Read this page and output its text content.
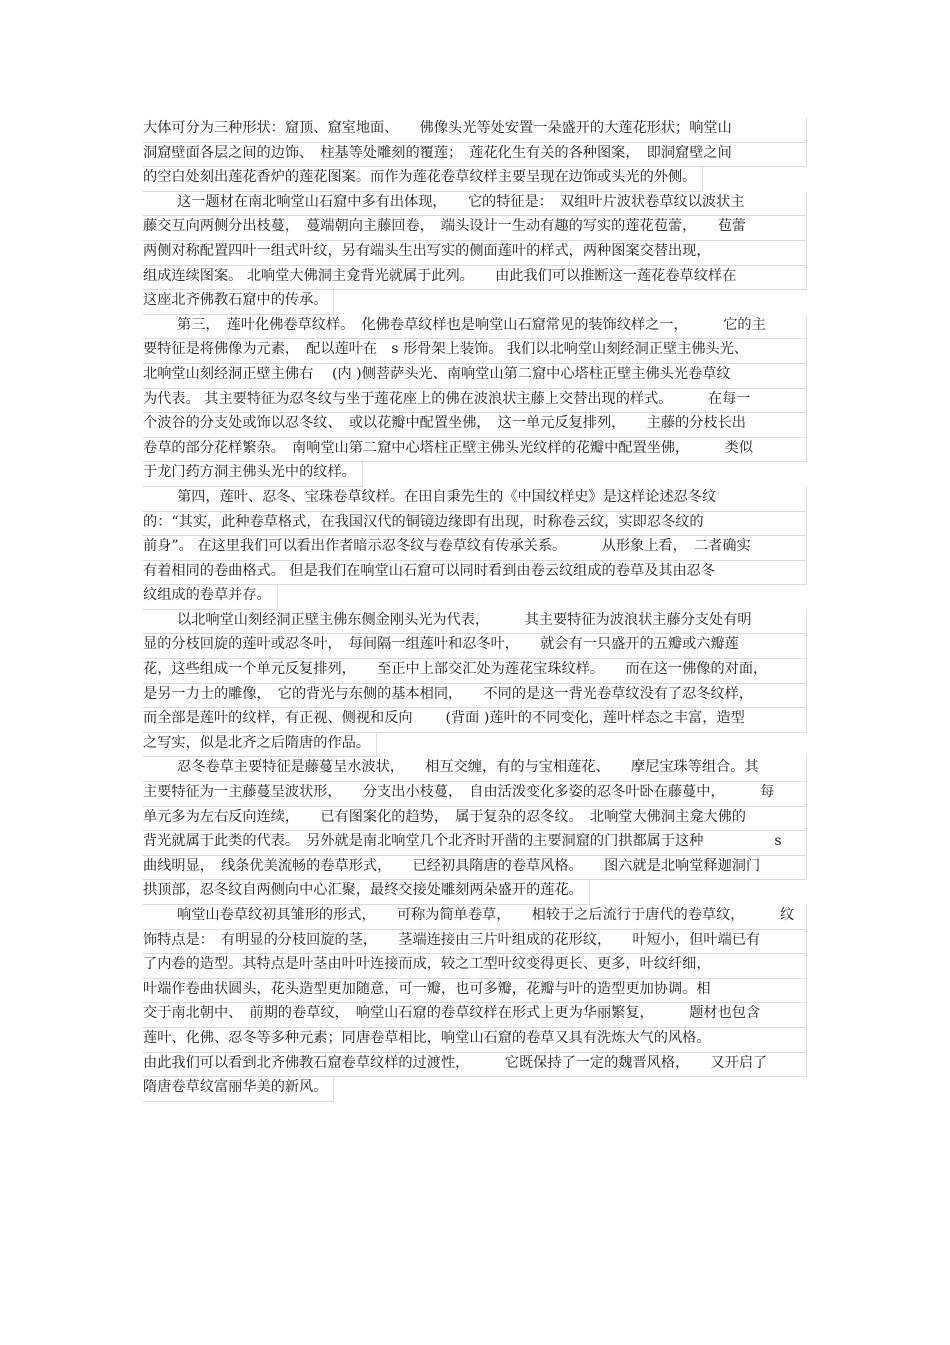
大体可分为三种形状：窟顶、窟室地面、　　佛像头光等处安置一朵盛开的大莲花形状；响堂山
洞窟壁面各层之间的边饰、　柱基等处雕刻的覆莲；　莲花化生有关的各种图案，　即洞窟壁之间
的空白处刻出莲花香炉的莲花图案。而作为莲花卷草纹样主要呈现在边饰或头光的外侧。
这一题材在南北响堂山石窟中多有出体现，　　它的特征是：　双组叶片波状卷草纹以波状主
藤交互向两侧分出枝蔓，　蔓端朝向主藤回卷，　端头设计一生动有趣的写实的莲花苞蕾，　　苞蕾
两侧对称配置四叶一组式叶纹，另有端头生出写实的侧面莲叶的样式，两种图案交替出现，
组成连续图案。 北响堂大佛洞主龛背光就属于此列。　　由此我们可以推断这一莲花卷草纹样在
这座北齐佛教石窟中的传承。
第三，　莲叶化佛卷草纹样。　化佛卷草纹样也是响堂山石窟常见的装饰纹样之一，　　　它的主
要特征是将佛像为元素，　配以莲叶在　s 形骨架上装饰。 我们以北响堂山刻经洞正壁主佛头光、
北响堂山刻经洞正壁主佛右　 (内 )侧菩萨头光、南响堂山第二窟中心塔柱正壁主佛头光卷草纹
为代表。 其主要特征为忍冬纹与坐于莲花座上的佛在波浪状主藤上交替出现的样式。　　　在每一
个波谷的分支处或饰以忍冬纹、　或以花瓣中配置坐佛，　这一单元反复排列，　　主藤的分枝长出
卷草的部分花样繁杂。　南响堂山第二窟中心塔柱正壁主佛头光纹样的花瓣中配置坐佛，　　　类似
于龙门药方洞主佛头光中的纹样。
第四，莲叶、忍冬、宝珠卷草纹样。在田自秉先生的《中国纹样史》是这样论述忍冬纹
的：“其实，此种卷草格式，在我国汉代的铜镜边缘即有出现，时称卷云纹，实即忍冬纹的
前身”。 在这里我们可以看出作者暗示忍冬纹与卷草纹有传承关系。　　　从形象上看，　二者确实
有着相同的卷曲格式。 但是我们在响堂山石窟可以同时看到由卷云纹组成的卷草及其由忍冬
纹组成的卷草并存。
以北响堂山刻经洞正壁主佛东侧金刚头光为代表，　　　其主要特征为波浪状主藤分支处有明
显的分枝回旋的莲叶或忍冬叶，　每间隔一组莲叶和忍冬叶，　　就会有一只盛开的五瓣或六瓣莲
花，这些组成一个单元反复排列，　　至正中上部交汇处为莲花宝珠纹样。　　而在这一佛像的对面，
是另一力士的雕像，　它的背光与东侧的基本相同，　　不同的是这一背光卷草纹没有了忍冬纹样，
而全部是莲叶的纹样，有正视、侧视和反向　　 (背面 )莲叶的不同变化，莲叶样态之丰富，造型
之写实，似是北齐之后隋唐的作品。
忍冬卷草主要特征是藤蔓呈水波状，　　相互交缠，有的与宝相莲花、　　摩尼宝珠等组合。其
主要特征为一主藤蔓呈波状形，　　分支出小枝蔓，　自由活泼变化多姿的忍冬叶卧在藤蔓中，　　　每
单元多为左右反向连续，　　已有图案化的趋势，　属于复杂的忍冬纹。　北响堂大佛洞主龛大佛的
背光就属于此类的代表。　另外就是南北响堂几个北齐时开凿的主要洞窟的门拱都属于这种　　　　　s
曲线明显，　线条优美流畅的卷草形式，　　已经初具隋唐的卷草风格。　　图六就是北响堂释迦洞门
拱顶部，忍冬纹自两侧向中心汇聚，最终交接处雕刻两朵盛开的莲花。
响堂山卷草纹初具雏形的形式，　　可称为简单卷草，　　相较于之后流行于唐代的卷草纹，　　　纹
饰特点是：　有明显的分枝回旋的茎，　　茎端连接由三片叶组成的花形纹，　　叶短小，但叶端已有
了内卷的造型。其特点是叶茎由叶叶连接而成，较之工型叶纹变得更长、更多，叶纹纤细，
叶端作卷曲状圆头，花头造型更加随意，可一瓣，也可多瓣，花瓣与叶的造型更加协调。相
交于南北朝中、　前期的卷草纹，　响堂山石窟的卷草纹样在形式上更为华丽繁复，　　　题材也包含
莲叶、化佛、忍冬等多种元素；同唐卷草相比，响堂山石窟的卷草又具有洗炼大气的风格。
由此我们可以看到北齐佛教石窟卷草纹样的过渡性，　　　它既保持了一定的魏晋风格，　　又开启了
隋唐卷草纹富丽华美的新风。
